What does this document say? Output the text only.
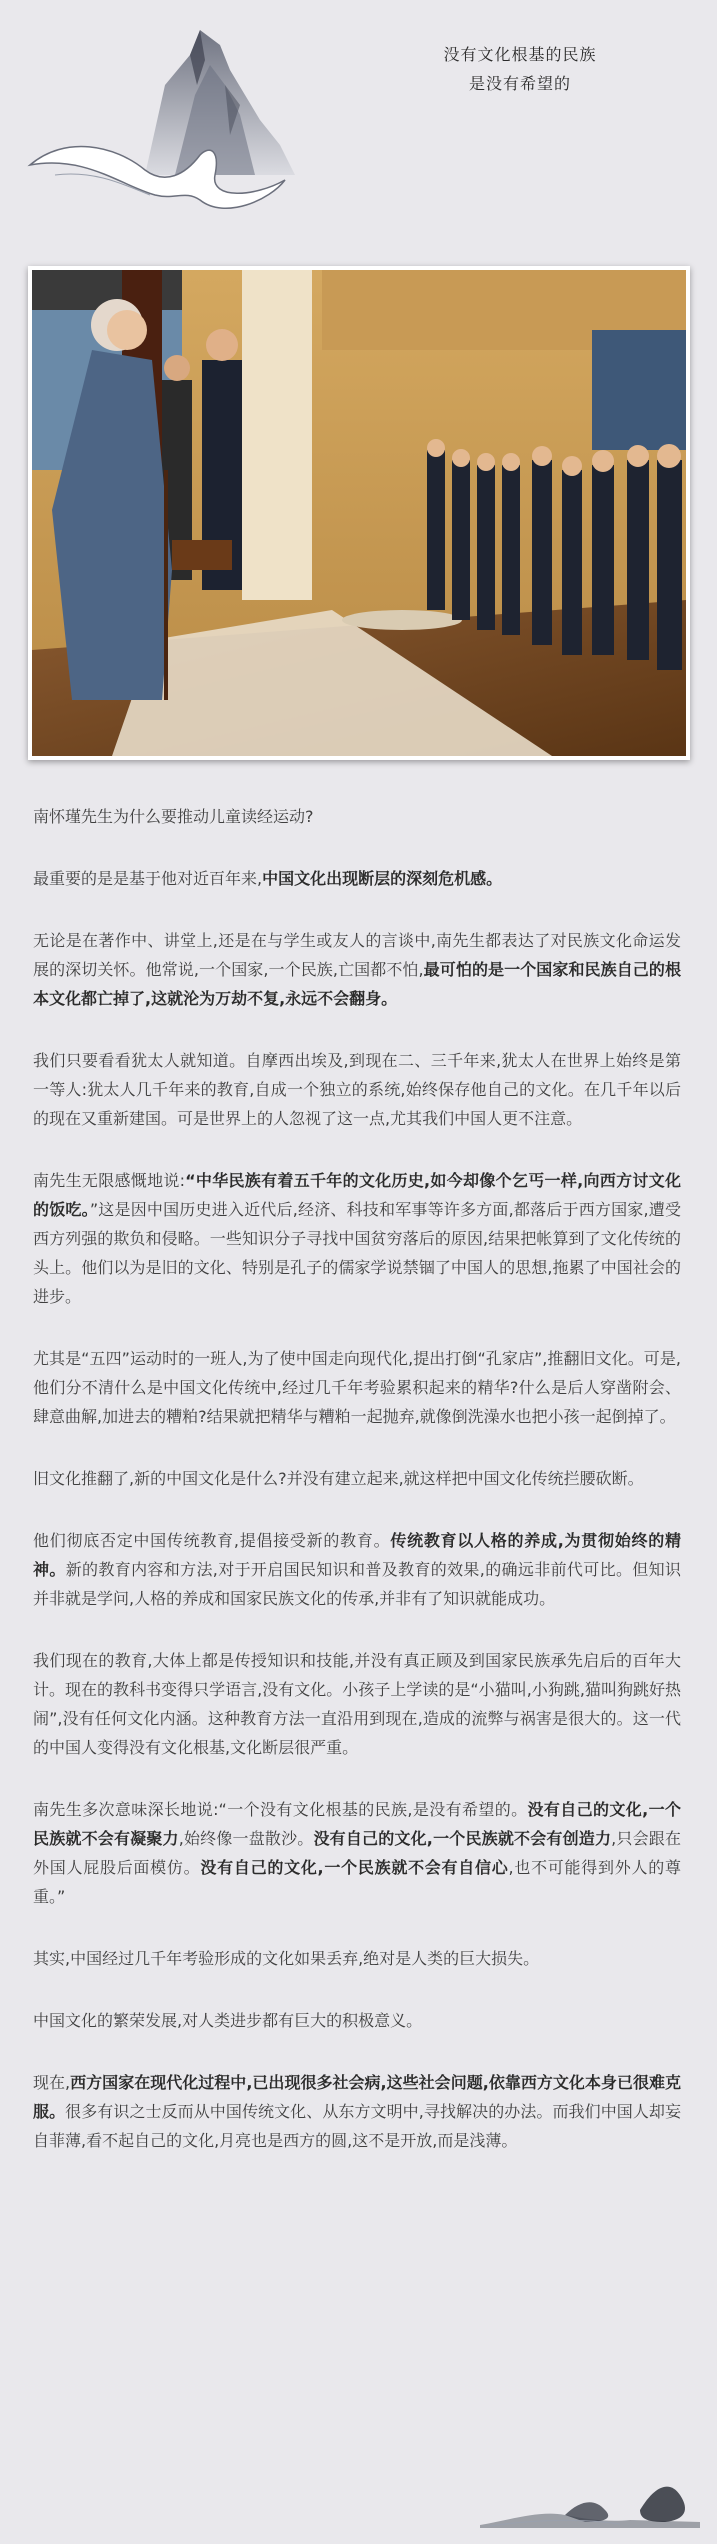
没有文化根基的民族
是没有希望的

南怀瑾先生为什么要推动儿童读经运动?

最重要的是是基于他对近百年来,中国文化出现断层的深刻危机感。

无论是在著作中、讲堂上,还是在与学生或友人的言谈中,南先生都表达了对民族文化命运发展的深切关怀。他常说,一个国家,一个民族,亡国都不怕,最可怕的是一个国家和民族自己的根本文化都亡掉了,这就沦为万劫不复,永远不会翻身。

我们只要看看犹太人就知道。自摩西出埃及,到现在二、三千年来,犹太人在世界上始终是第一等人:犹太人几千年来的教育,自成一个独立的系统,始终保存他自己的文化。在几千年以后的现在又重新建国。可是世界上的人忽视了这一点,尤其我们中国人更不注意。

南先生无限感慨地说:“中华民族有着五千年的文化历史,如今却像个乞丐一样,向西方讨文化的饭吃。”这是因中国历史进入近代后,经济、科技和军事等许多方面,都落后于西方国家,遭受西方列强的欺负和侵略。一些知识分子寻找中国贫穷落后的原因,结果把帐算到了文化传统的头上。他们以为是旧的文化、特别是孔子的儒家学说禁锢了中国人的思想,拖累了中国社会的进步。

尤其是“五四”运动时的一班人,为了使中国走向现代化,提出打倒“孔家店”,推翻旧文化。可是,他们分不清什么是中国文化传统中,经过几千年考验累积起来的精华?什么是后人穿凿附会、肆意曲解,加进去的糟粕?结果就把精华与糟粕一起抛弃,就像倒洗澡水也把小孩一起倒掉了。

旧文化推翻了,新的中国文化是什么?并没有建立起来,就这样把中国文化传统拦腰砍断。

他们彻底否定中国传统教育,提倡接受新的教育。传统教育以人格的养成,为贯彻始终的精神。新的教育内容和方法,对于开启国民知识和普及教育的效果,的确远非前代可比。但知识并非就是学问,人格的养成和国家民族文化的传承,并非有了知识就能成功。

我们现在的教育,大体上都是传授知识和技能,并没有真正顾及到国家民族承先启后的百年大计。现在的教科书变得只学语言,没有文化。小孩子上学读的是“小猫叫,小狗跳,猫叫狗跳好热闹”,没有任何文化内涵。这种教育方法一直沿用到现在,造成的流弊与祸害是很大的。这一代的中国人变得没有文化根基,文化断层很严重。

南先生多次意味深长地说:“一个没有文化根基的民族,是没有希望的。没有自己的文化,一个民族就不会有凝聚力,始终像一盘散沙。没有自己的文化,一个民族就不会有创造力,只会跟在外国人屁股后面模仿。没有自己的文化,一个民族就不会有自信心,也不可能得到外人的尊重。”

其实,中国经过几千年考验形成的文化如果丢弃,绝对是人类的巨大损失。

中国文化的繁荣发展,对人类进步都有巨大的积极意义。

现在,西方国家在现代化过程中,已出现很多社会病,这些社会问题,依靠西方文化本身已很难克服。很多有识之士反而从中国传统文化、从东方文明中,寻找解决的办法。而我们中国人却妄自菲薄,看不起自己的文化,月亮也是西方的圆,这不是开放,而是浅薄。
